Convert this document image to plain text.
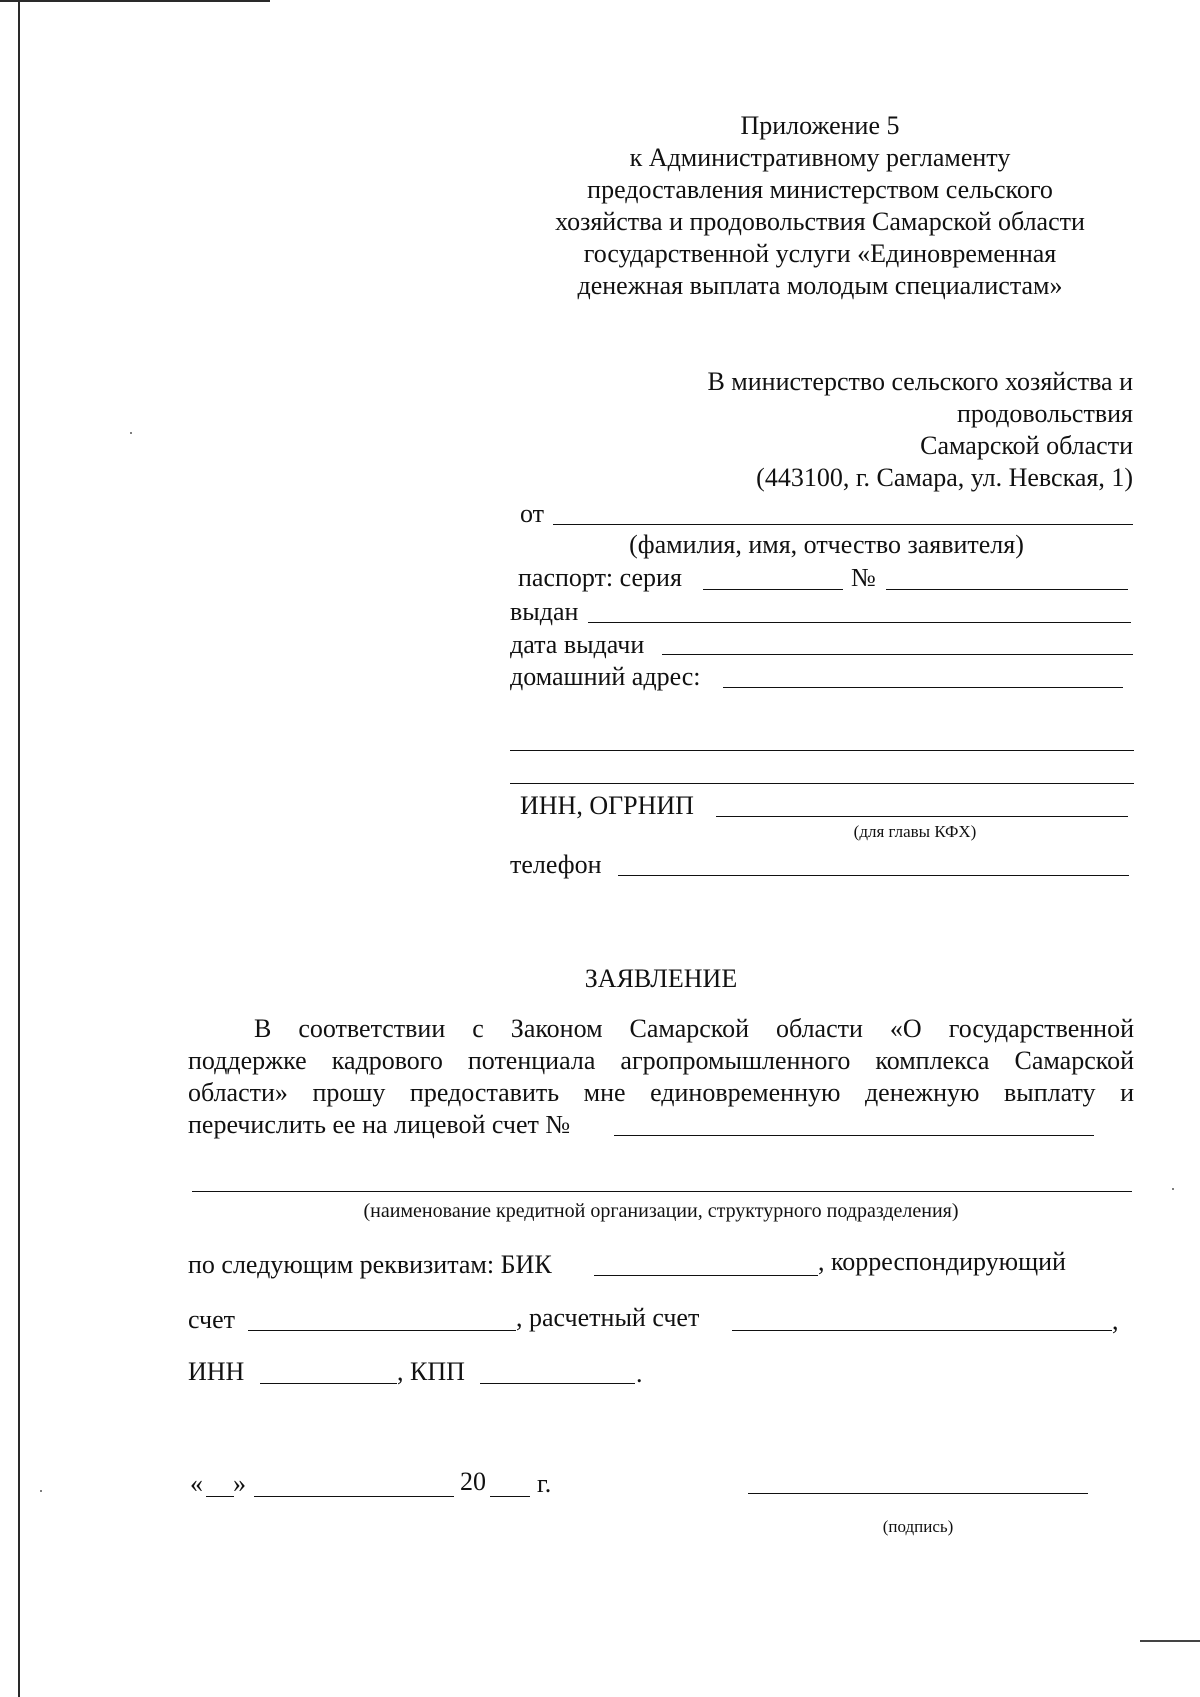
Приложение 5
к Административному регламенту
предоставления министерством сельского
хозяйства и продовольствия Самарской области
государственной услуги «Единовременная
денежная выплата молодым специалистам»
В министерство сельского хозяйства и
продовольствия
Самарской области
(443100, г. Самара, ул. Невская, 1)
от
(фамилия, имя, отчество заявителя)
паспорт: серия	№
выдан
дата выдачи
домашний адрес:
ИНН, ОГРНИП
(для главы КФХ)
телефон
ЗАЯВЛЕНИЕ
В соответствии с Законом Самарской области «О государственной
поддержке кадрового потенциала агропромышленного комплекса Самарской
области» прошу предоставить мне единовременную денежную выплату и
перечислить ее на лицевой счет №
(наименование кредитной организации, структурного подразделения)
по следующим реквизитам: БИК	, корреспондирующий
счет	, расчетный счет	,
ИНН	, КПП	.
« »	20 г.
(подпись)
